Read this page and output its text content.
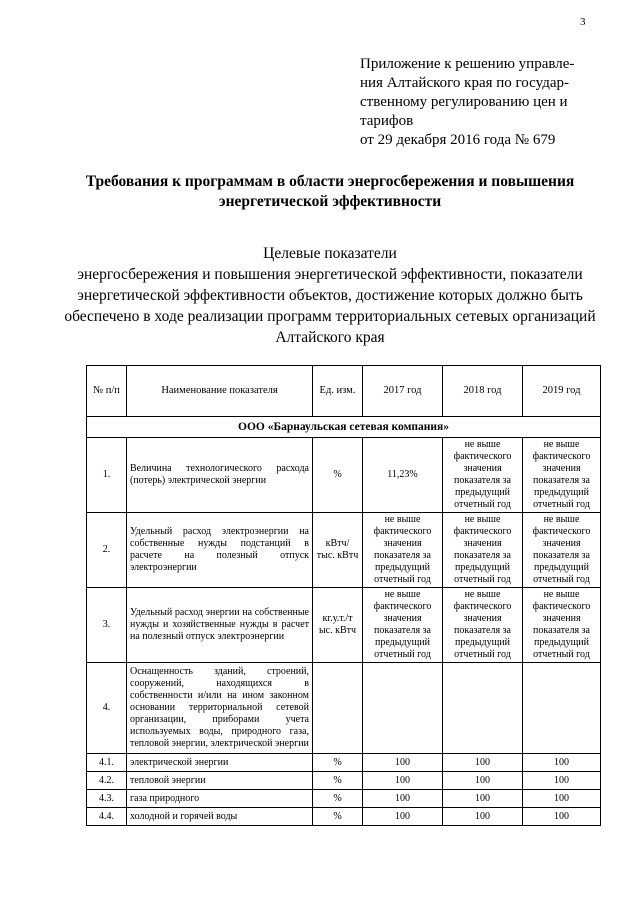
3
Приложение к решению управле-
ния Алтайского края по государ-
ственному регулированию цен и
тарифов
от 29 декабря 2016 года № 679
Требования к программам в области энергосбережения и повышения энергетической эффективности
Целевые показатели
энергосбережения и повышения энергетической эффективности, показатели энергетической эффективности объектов, достижение которых должно быть обеспечено в ходе реализации программ территориальных сетевых организаций Алтайского края
№ п/п	Наименование показателя	Ед. изм.	2017 год	2018 год	2019 год
ООО «Барнаульская сетевая компания»					
1.	Величина технологического расхода (потерь) электрической энергии	%	11,23%	не выше фактического значения показателя за предыдущий отчетный год	не выше фактического значения показателя за предыдущий отчетный год
2.	Удельный расход электроэнергии на собственные нужды подстанций в расчете на полезный отпуск электроэнергии	кВтч/ тыс. кВтч	не выше фактического значения показателя за предыдущий отчетный год	не выше фактического значения показателя за предыдущий отчетный год	не выше фактического значения показателя за предыдущий отчетный год
3.	Удельный расход энергии на собственные нужды и хозяйственные нужды в расчет на полезный отпуск электроэнергии	кг.у.т./т ыс. кВтч	не выше фактического значения показателя за предыдущий отчетный год	не выше фактического значения показателя за предыдущий отчетный год	не выше фактического значения показателя за предыдущий отчетный год
4.	Оснащенность зданий, строений, сооружений, находящихся в собственности и/или на ином законном основании территориальной сетевой организации, приборами учета используемых воды, природного газа, тепловой энергии, электрической энергии				
4.1.	электрической энергии	%	100	100	100
4.2.	тепловой энергии	%	100	100	100
4.3.	газа природного	%	100	100	100
4.4.	холодной и горячей воды	%	100	100	100
